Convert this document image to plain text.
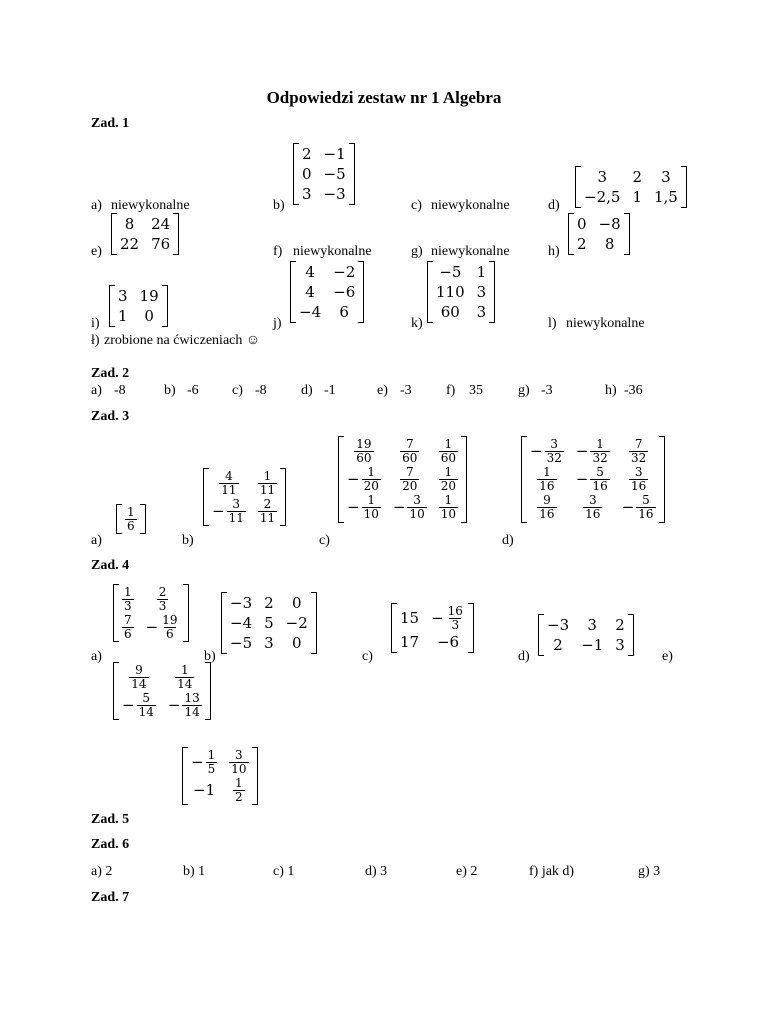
Odpowiedzi zestaw nr 1 Algebra
Zad. 1
a) niewykonalne	b)
2 −1
0 −5
3 −3
c) niewykonalne	d)
3 2 3
−2,5 1 1,5
e)
8 24
22 76	f) niewykonalne	g) niewykonalne	h)
0 −8
2 8
i)
3 19
1 0	j)
4 −2
4 −6
−4 6
k)
−5 1
110 3
60 3
l) niewykonalne
ł) zrobione na ćwiczeniach ☺
Zad. 2
Zad. 3
a)
$\frac{1}{6}$
b)
$\frac{4}{11} \frac{1}{11}$
− $\frac{3}{11} \frac{2}{11}$
c)
$\frac{19}{60} \frac{7}{60} \frac{1}{60}$
− $\frac{1}{20} \frac{7}{20} \frac{1}{20}$
− $\frac{1}{10} - \frac{3}{10} \frac{1}{10}$
d)
− $\frac{3}{32} - \frac{1}{32} \frac{7}{32}$
$\frac{1}{16} - \frac{5}{16} \frac{3}{16}$
$\frac{9}{16} \frac{3}{16} - \frac{5}{16}$
Zad. 4
a)
$\frac{1}{3} \frac{2}{3}$
$\frac{7}{6} - \frac{19}{6}$
b)
−3 2 0
−4 5 −2
−5 3 0
c)
$15 - \frac{16}{3}$
17 −6
d)
−3 3 2
2 −1 3
e)
$\frac{9}{14} \frac{1}{14}$
− $\frac{5}{14} - \frac{13}{14}$
− $\frac{1}{5} \frac{3}{10}$
$-1 \frac{1}{2}$
Zad. 5
Zad. 6
Zad. 7
a) -8	b) -6 c) -8 d) -1	e) -3 f) 35	g) -3	h) -36
a) 2	b) 1	c) 1	d) 3	e) 2	f) jak d)	g) 3
